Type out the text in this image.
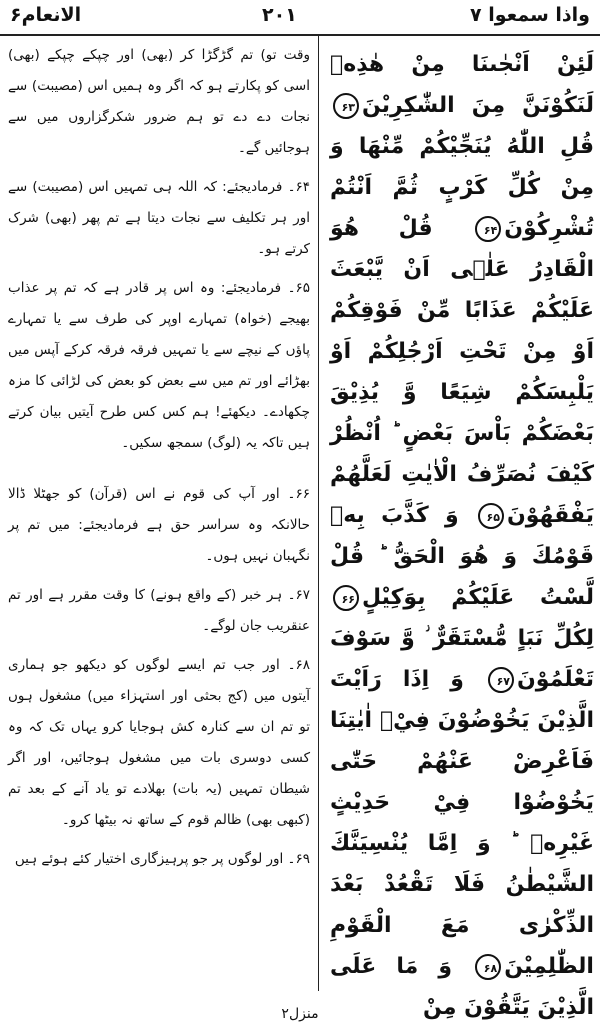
الانعام۶	۲۰۱	واذا سمعوا ۷
لَئِنْ اَنْجٰىنَا مِنْ هٰذِهٖ لَنَكُوْنَنَّ مِنَ الشّٰكِرِيْنَ۶۳ قُلِ اللّٰهُ يُنَجِّيْكُمْ مِّنْهَا وَ مِنْ كُلِّ كَرْبٍ ثُمَّ اَنْتُمْ تُشْرِكُوْنَ۶۴ قُلْ هُوَ الْقَادِرُ عَلٰۤى اَنْ يَّبْعَثَ عَلَيْكُمْ عَذَابًا مِّنْ فَوْقِكُمْ اَوْ مِنْ تَحْتِ اَرْجُلِكُمْ اَوْ يَلْبِسَكُمْ شِيَعًا وَّ يُذِيْقَ بَعْضَكُمْ بَاْسَ بَعْضٍ ؕ اُنْظُرْ كَيْفَ نُصَرِّفُ الْاٰيٰتِ لَعَلَّهُمْ يَفْقَهُوْنَ۶۵ وَ كَذَّبَ بِهٖ قَوْمُكَ وَ هُوَ الْحَقُّ ؕ قُلْ لَّسْتُ عَلَيْكُمْ بِوَكِيْلٍ۶۶ لِكُلِّ نَبَاٍ مُّسْتَقَرٌّ ؗ وَّ سَوْفَ تَعْلَمُوْنَ۶۷ وَ اِذَا رَاَيْتَ الَّذِيْنَ يَخُوْضُوْنَ فِيْۤ اٰيٰتِنَا فَاَعْرِضْ عَنْهُمْ حَتّٰى يَخُوْضُوْا فِيْ حَدِيْثٍ غَيْرِهٖ ؕ وَ اِمَّا يُنْسِيَنَّكَ الشَّيْطٰنُ فَلَا تَقْعُدْ بَعْدَ الذِّكْرٰى مَعَ الْقَوْمِ الظّٰلِمِيْنَ۶۸ وَ مَا عَلَى الَّذِيْنَ يَتَّقُوْنَ مِنْ

وقت تو) تم گڑگڑا کر (بھی) اور چپکے چپکے (بھی) اسی کو پکارتے ہو کہ اگر وہ ہمیں اس (مصیبت) سے نجات دے دے تو ہم ضرور شکرگزاروں میں سے ہوجائیں گے۔

۶۴۔ فرمادیجئے: کہ اللہ ہی تمہیں اس (مصیبت) سے اور ہر تکلیف سے نجات دیتا ہے تم پھر (بھی) شرک کرتے ہو۔

۶۵۔ فرمادیجئے: وہ اس پر قادر ہے کہ تم پر عذاب بھیجے (خواہ) تمہارے اوپر کی طرف سے یا تمہارے پاؤں کے نیچے سے یا تمہیں فرقہ فرقہ کرکے آپس میں بھڑائے اور تم میں سے بعض کو بعض کی لڑائی کا مزہ چکھادے۔ دیکھئے! ہم کس کس طرح آیتیں بیان کرتے ہیں تاکہ یہ (لوگ) سمجھ سکیں۔

۶۶۔ اور آپ کی قوم نے اس (قرآن) کو جھٹلا ڈالا حالانکہ وہ سراسر حق ہے فرمادیجئے: میں تم پر نگہبان نہیں ہوں۔

۶۷۔ ہر خبر (کے واقع ہونے) کا وقت مقرر ہے اور تم عنقریب جان لوگے۔

۶۸۔ اور جب تم ایسے لوگوں کو دیکھو جو ہماری آیتوں میں (کج بحثی اور استہزاء میں) مشغول ہوں تو تم ان سے کنارہ کش ہوجایا کرو یہاں تک کہ وہ کسی دوسری بات میں مشغول ہوجائیں، اور اگر شیطان تمہیں (یہ بات) بھلادے تو یاد آنے کے بعد تم (کبھی بھی) ظالم قوم کے ساتھ نہ بیٹھا کرو۔

۶۹۔ اور لوگوں پر جو پرہیزگاری اختیار کئے ہوئے ہیں

منزل۲
